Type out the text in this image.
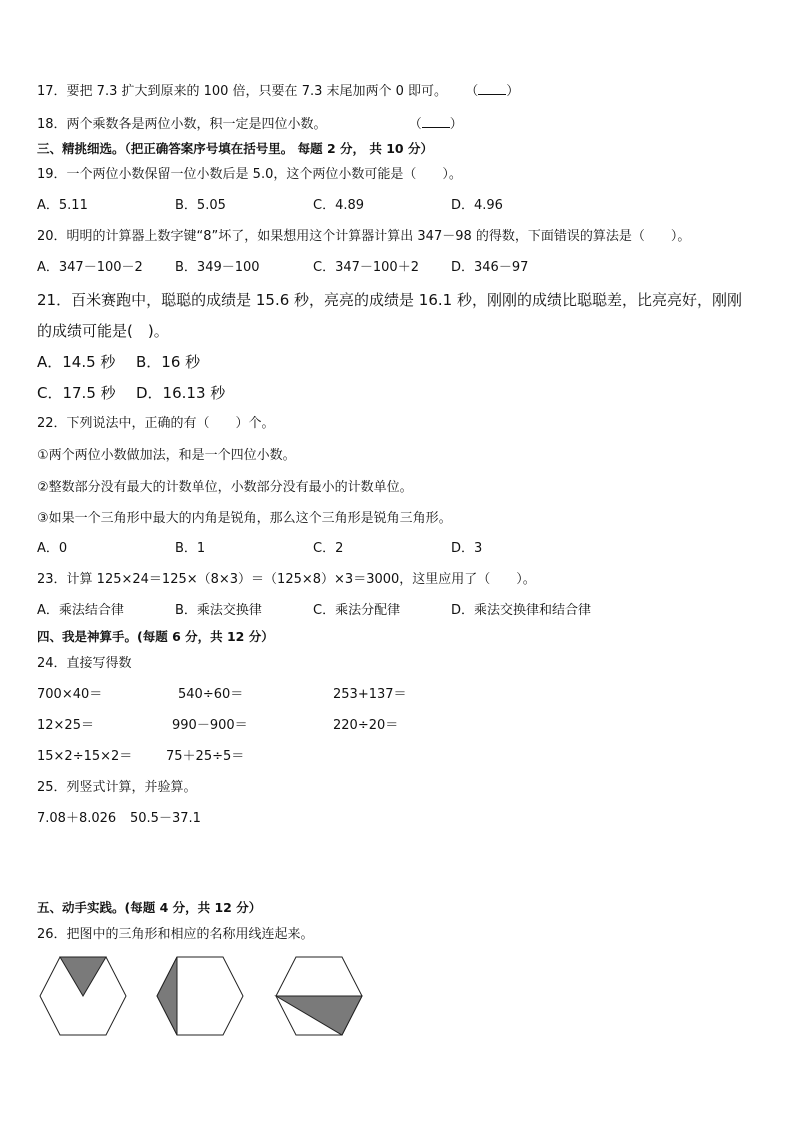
17．要把 7.3 扩大到原来的 100 倍，只要在 7.3 末尾加两个 0 即可。 （ ）
18．两个乘数各是两位小数，积一定是四位小数。	（ ）
三、精挑细选。（把正确答案序号填在括号里。 每题 2 分， 共 10 分）
19．一个两位小数保留一位小数后是 5.0，这个两位小数可能是（　　）。
A．5.11	B．5.05	C．4.89	D．4.96
20．明明的计算器上数字键“8”坏了，如果想用这个计算器计算出 347－98 的得数，下面错误的算法是（　　）。
A．347－100－2 B．349－100	C．347－100＋2 D．346－97
21．百米赛跑中，聪聪的成绩是 15.6 秒，亮亮的成绩是 16.1 秒，刚刚的成绩比聪聪差，比亮亮好，刚刚
的成绩可能是(　)。
A．14.5 秒 B．16 秒
C．17.5 秒 D．16.13 秒
22．下列说法中，正确的有（　　）个。
①两个两位小数做加法，和是一个四位小数。
②整数部分没有最大的计数单位，小数部分没有最小的计数单位。
③如果一个三角形中最大的内角是锐角，那么这个三角形是锐角三角形。
A．0	B．1	C．2	D．3
23．计算 125×24＝125×（8×3）＝（125×8）×3＝3000，这里应用了（　　）。
A．乘法结合律	B．乘法交换律	C．乘法分配律	D．乘法交换律和结合律
四、我是神算手。(每题 6 分，共 12 分）
24．直接写得数
700×40＝	540÷60＝	253+137＝
12×25＝	990－900＝	220÷20＝
15×2÷15×2＝	75＋25÷5＝
25．列竖式计算，并验算。
7.08＋8.026 50.5－37.1
五、动手实践。(每题 4 分，共 12 分）
26．把图中的三角形和相应的名称用线连起来。
